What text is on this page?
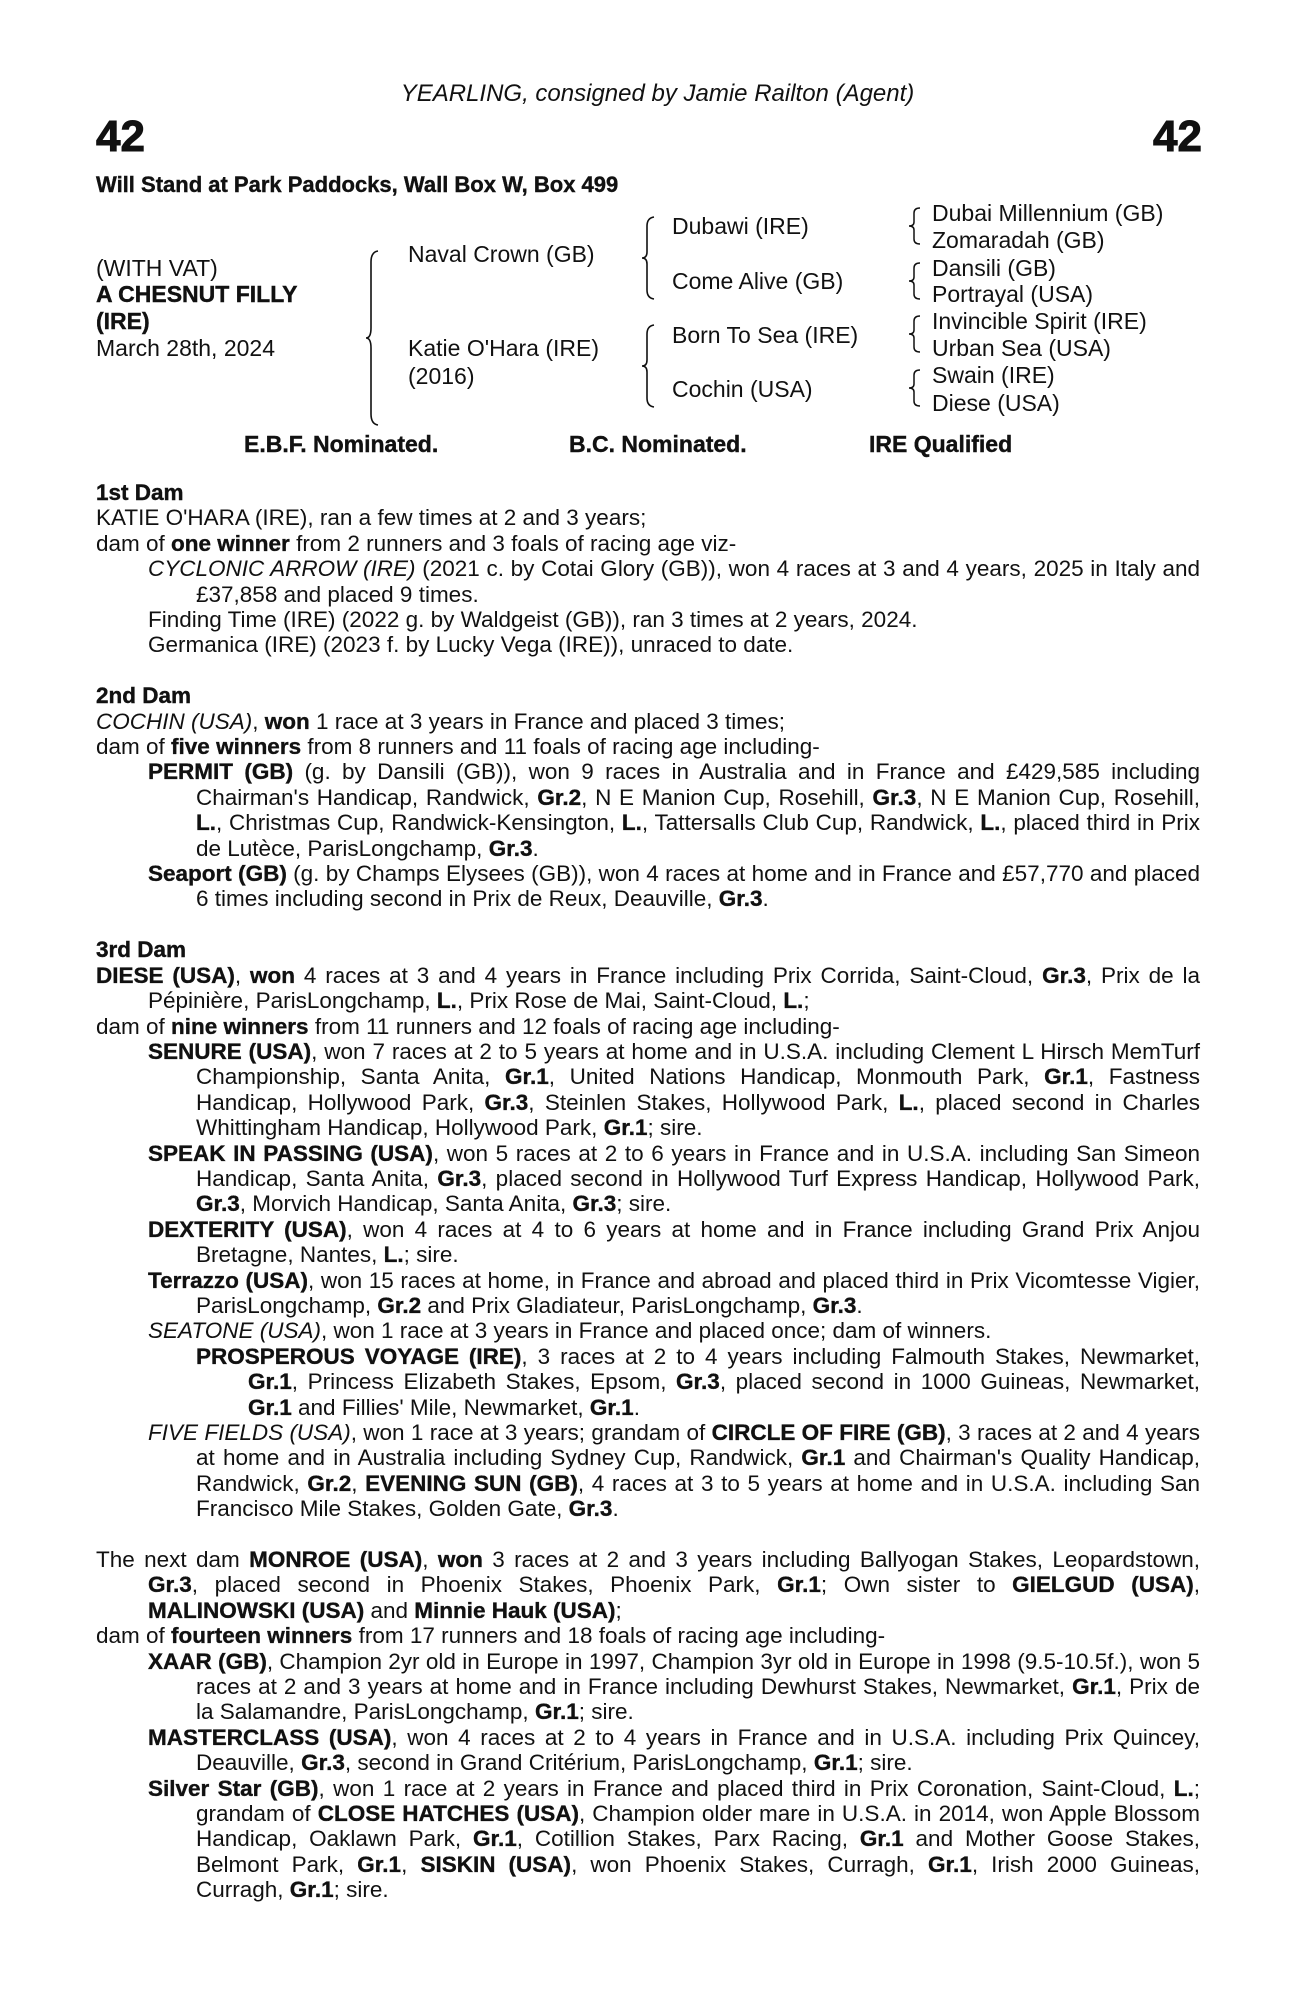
YEARLING, consigned by Jamie Railton (Agent)
42	42
Will Stand at Park Paddocks, Wall Box W, Box 499
(WITH VAT)
A CHESNUT FILLY
(IRE)
March 28th, 2024
Naval Crown (GB)
Katie O'Hara (IRE)
(2016)
Dubawi (IRE)
Come Alive (GB)
Born To Sea (IRE)
Cochin (USA)
Dubai Millennium (GB)
Zomaradah (GB)
Dansili (GB)
Portrayal (USA)
Invincible Spirit (IRE)
Urban Sea (USA)
Swain (IRE)
Diese (USA)
E.B.F. Nominated.	B.C. Nominated.	IRE Qualified
1st Dam
KATIE O'HARA (IRE), ran a few times at 2 and 3 years;
dam of one winner from 2 runners and 3 foals of racing age viz-
CYCLONIC ARROW (IRE) (2021 c. by Cotai Glory (GB)), won 4 races at 3 and 4 years, 2025 in Italy and £37,858 and placed 9 times.
Finding Time (IRE) (2022 g. by Waldgeist (GB)), ran 3 times at 2 years, 2024.
Germanica (IRE) (2023 f. by Lucky Vega (IRE)), unraced to date.
2nd Dam
COCHIN (USA), won 1 race at 3 years in France and placed 3 times;
dam of five winners from 8 runners and 11 foals of racing age including-
PERMIT (GB) (g. by Dansili (GB)), won 9 races in Australia and in France and £429,585 including Chairman's Handicap, Randwick, Gr.2, N E Manion Cup, Rosehill, Gr.3, N E Manion Cup, Rosehill, L., Christmas Cup, Randwick-Kensington, L., Tattersalls Club Cup, Randwick, L., placed third in Prix de Lutèce, ParisLongchamp, Gr.3.
Seaport (GB) (g. by Champs Elysees (GB)), won 4 races at home and in France and £57,770 and placed 6 times including second in Prix de Reux, Deauville, Gr.3.
3rd Dam
DIESE (USA), won 4 races at 3 and 4 years in France including Prix Corrida, Saint-Cloud, Gr.3, Prix de la Pépinière, ParisLongchamp, L., Prix Rose de Mai, Saint-Cloud, L.;
dam of nine winners from 11 runners and 12 foals of racing age including-
SENURE (USA), won 7 races at 2 to 5 years at home and in U.S.A. including Clement L Hirsch MemTurf Championship, Santa Anita, Gr.1, United Nations Handicap, Monmouth Park, Gr.1, Fastness Handicap, Hollywood Park, Gr.3, Steinlen Stakes, Hollywood Park, L., placed second in Charles Whittingham Handicap, Hollywood Park, Gr.1; sire.
SPEAK IN PASSING (USA), won 5 races at 2 to 6 years in France and in U.S.A. including San Simeon Handicap, Santa Anita, Gr.3, placed second in Hollywood Turf Express Handicap, Hollywood Park, Gr.3, Morvich Handicap, Santa Anita, Gr.3; sire.
DEXTERITY (USA), won 4 races at 4 to 6 years at home and in France including Grand Prix Anjou Bretagne, Nantes, L.; sire.
Terrazzo (USA), won 15 races at home, in France and abroad and placed third in Prix Vicomtesse Vigier, ParisLongchamp, Gr.2 and Prix Gladiateur, ParisLongchamp, Gr.3.
SEATONE (USA), won 1 race at 3 years in France and placed once; dam of winners.
PROSPEROUS VOYAGE (IRE), 3 races at 2 to 4 years including Falmouth Stakes, Newmarket, Gr.1, Princess Elizabeth Stakes, Epsom, Gr.3, placed second in 1000 Guineas, Newmarket, Gr.1 and Fillies' Mile, Newmarket, Gr.1.
FIVE FIELDS (USA), won 1 race at 3 years; grandam of CIRCLE OF FIRE (GB), 3 races at 2 and 4 years at home and in Australia including Sydney Cup, Randwick, Gr.1 and Chairman's Quality Handicap, Randwick, Gr.2, EVENING SUN (GB), 4 races at 3 to 5 years at home and in U.S.A. including San Francisco Mile Stakes, Golden Gate, Gr.3.
The next dam MONROE (USA), won 3 races at 2 and 3 years including Ballyogan Stakes, Leopardstown, Gr.3, placed second in Phoenix Stakes, Phoenix Park, Gr.1; Own sister to GIELGUD (USA), MALINOWSKI (USA) and Minnie Hauk (USA);
dam of fourteen winners from 17 runners and 18 foals of racing age including-
XAAR (GB), Champion 2yr old in Europe in 1997, Champion 3yr old in Europe in 1998 (9.5-10.5f.), won 5 races at 2 and 3 years at home and in France including Dewhurst Stakes, Newmarket, Gr.1, Prix de la Salamandre, ParisLongchamp, Gr.1; sire.
MASTERCLASS (USA), won 4 races at 2 to 4 years in France and in U.S.A. including Prix Quincey, Deauville, Gr.3, second in Grand Critérium, ParisLongchamp, Gr.1; sire.
Silver Star (GB), won 1 race at 2 years in France and placed third in Prix Coronation, Saint-Cloud, L.; grandam of CLOSE HATCHES (USA), Champion older mare in U.S.A. in 2014, won Apple Blossom Handicap, Oaklawn Park, Gr.1, Cotillion Stakes, Parx Racing, Gr.1 and Mother Goose Stakes, Belmont Park, Gr.1, SISKIN (USA), won Phoenix Stakes, Curragh, Gr.1, Irish 2000 Guineas, Curragh, Gr.1; sire.
